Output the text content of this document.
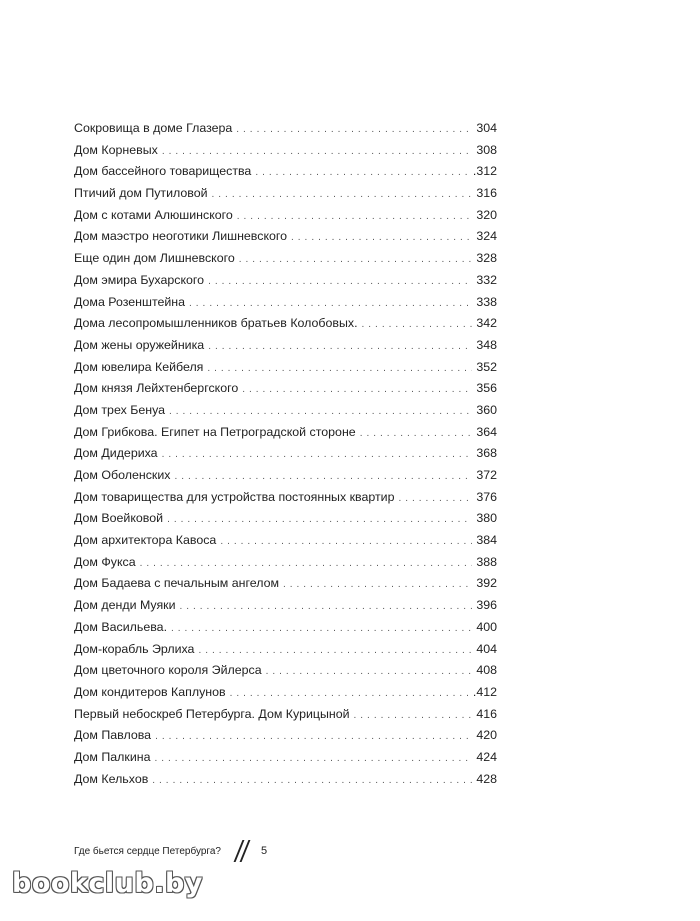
Сокровища в доме Глазера . . .	304
Дом Корневых . . .	308
Дом бассейного товарищества . . .	.312
Птичий дом Путиловой . . .	316
Дом с котами Алюшинского . . .	320
Дом маэстро неоготики Лишневского . . .	324
Еще один дом Лишневского . . .	328
Дом эмира Бухарского . . .	332
Дома Розенштейна . . .	338
Дома лесопромышленников братьев Колобовых. . . .	342
Дом жены оружейника . . .	348
Дом ювелира Кейбеля . . .	352
Дом князя Лейхтенбергского . . .	356
Дом трех Бенуа . . .	360
Дом Грибкова. Египет на Петроградской стороне . . .	364
Дом Дидериха . . .	368
Дом Оболенских . . .	372
Дом товарищества для устройства постоянных квартир . . .	376
Дом Воейковой . . .	380
Дом архитектора Кавоса . . .	384
Дом Фукса . . .	388
Дом Бадаева с печальным ангелом . . .	392
Дом денди Муяки . . .	396
Дом Васильева. . . .	400
Дом-корабль Эрлиха . . .	404
Дом цветочного короля Эйлерса . . .	408
Дом кондитеров Каплунов . . .	.412
Первый небоскреб Петербурга. Дом Курицыной . . .	416
Дом Павлова . . .	420
Дом Палкина . . .	424
Дом Кельхов . . .	428
Где бьется сердце Петербурга?	5
bookclub.by
